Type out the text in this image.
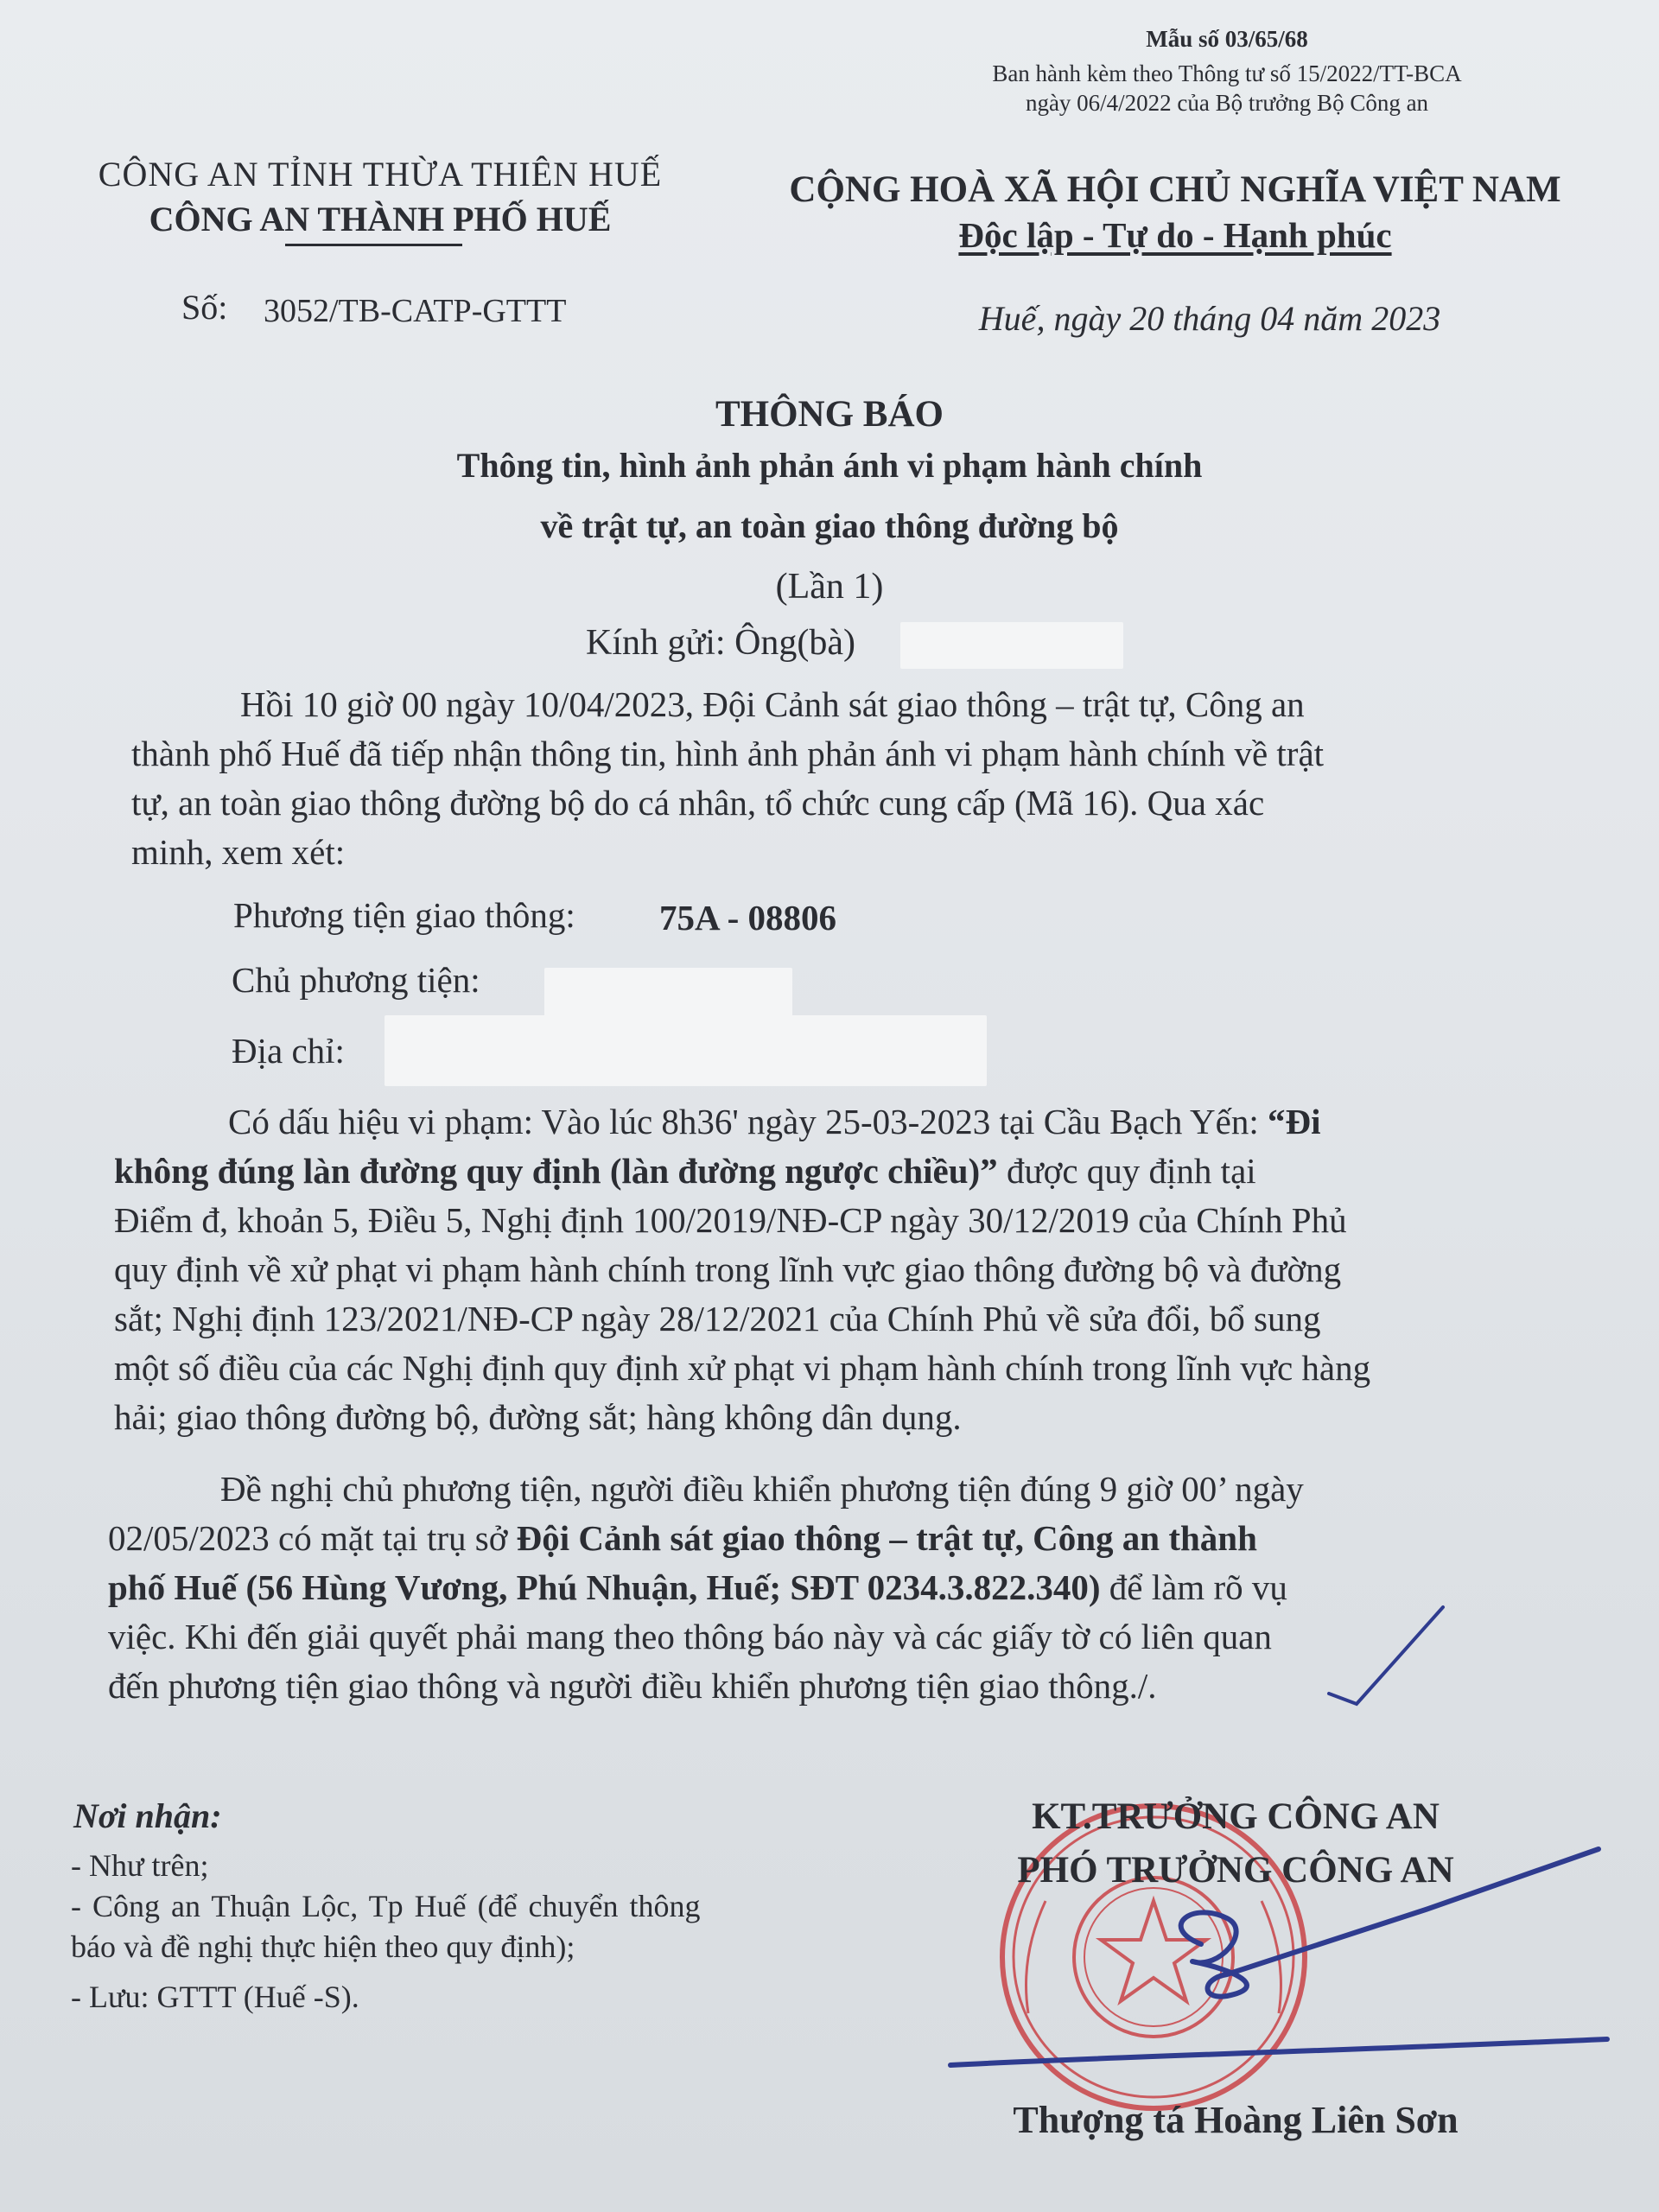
Mẫu số 03/65/68
Ban hành kèm theo Thông tư số 15/2022/TT-BCA
ngày 06/4/2022 của Bộ trưởng Bộ Công an
CÔNG AN TỈNH THỪA THIÊN HUẾ
CÔNG AN THÀNH PHỐ HUẾ
Số: 3052/TB-CATP-GTTT
CỘNG HOÀ XÃ HỘI CHỦ NGHĨA VIỆT NAM
Độc lập - Tự do - Hạnh phúc
Huế, ngày 20 tháng 04 năm 2023
THÔNG BÁO
Thông tin, hình ảnh phản ánh vi phạm hành chính
về trật tự, an toàn giao thông đường bộ
(Lần 1)
Kính gửi: Ông(bà)
Hồi 10 giờ 00 ngày 10/04/2023, Đội Cảnh sát giao thông – trật tự, Công an
thành phố Huế đã tiếp nhận thông tin, hình ảnh phản ánh vi phạm hành chính về trật
tự, an toàn giao thông đường bộ do cá nhân, tổ chức cung cấp (Mã 16). Qua xác
minh, xem xét:
Phương tiện giao thông: 75A - 08806
Chủ phương tiện:
Địa chỉ:
Có dấu hiệu vi phạm: Vào lúc 8h36' ngày 25-03-2023 tại Cầu Bạch Yến: “Đi
không đúng làn đường quy định (làn đường ngược chiều)” được quy định tại
Điểm đ, khoản 5, Điều 5, Nghị định 100/2019/NĐ-CP ngày 30/12/2019 của Chính Phủ
quy định về xử phạt vi phạm hành chính trong lĩnh vực giao thông đường bộ và đường
sắt; Nghị định 123/2021/NĐ-CP ngày 28/12/2021 của Chính Phủ về sửa đổi, bổ sung
một số điều của các Nghị định quy định xử phạt vi phạm hành chính trong lĩnh vực hàng
hải; giao thông đường bộ, đường sắt; hàng không dân dụng.
Đề nghị chủ phương tiện, người điều khiển phương tiện đúng 9 giờ 00’ ngày
02/05/2023 có mặt tại trụ sở Đội Cảnh sát giao thông – trật tự, Công an thành
phố Huế (56 Hùng Vương, Phú Nhuận, Huế; SĐT 0234.3.822.340) để làm rõ vụ
việc. Khi đến giải quyết phải mang theo thông báo này và các giấy tờ có liên quan
đến phương tiện giao thông và người điều khiển phương tiện giao thông./.
Nơi nhận:
- Như trên;
- Công an Thuận Lộc, Tp Huế (để chuyển thông
báo và đề nghị thực hiện theo quy định);
- Lưu: GTTT (Huế -S).
KT.TRƯỞNG CÔNG AN
PHÓ TRƯỞNG CÔNG AN
Thượng tá Hoàng Liên Sơn
